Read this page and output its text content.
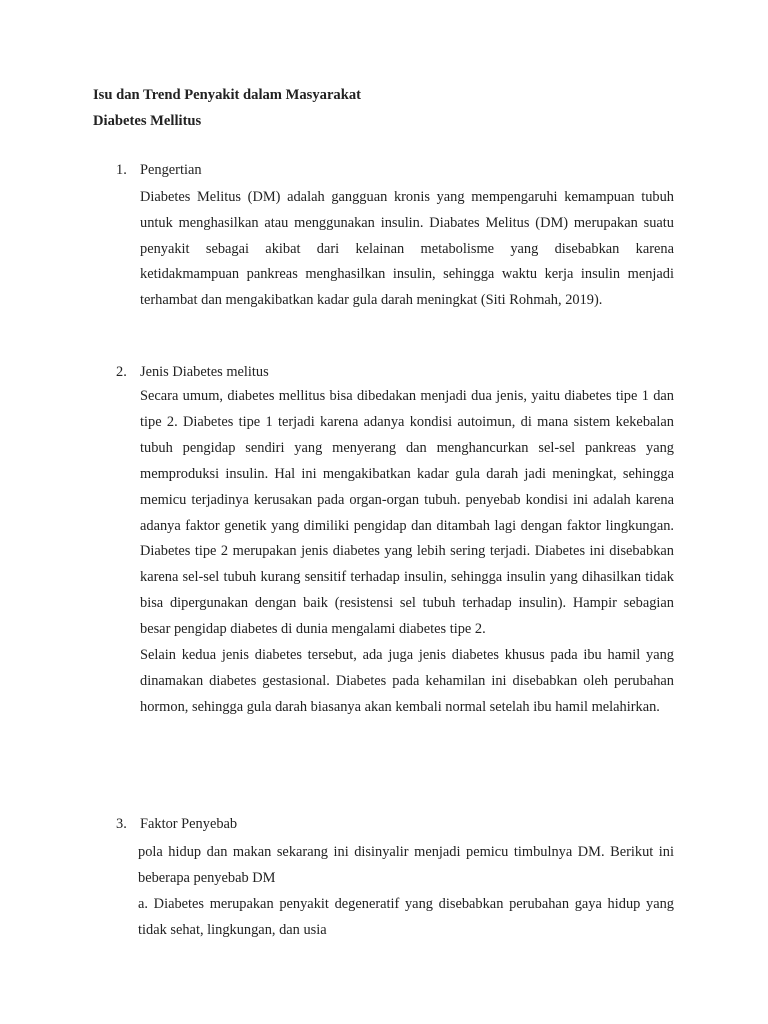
Isu dan Trend Penyakit dalam Masyarakat
Diabetes Mellitus
1. Pengertian

Diabetes Melitus (DM) adalah gangguan kronis yang mempengaruhi kemampuan tubuh untuk menghasilkan atau menggunakan insulin. Diabates Melitus (DM) merupakan suatu penyakit sebagai akibat dari kelainan metabolisme yang disebabkan karena ketidakmampuan pankreas menghasilkan insulin, sehingga waktu kerja insulin menjadi terhambat dan mengakibatkan kadar gula darah meningkat (Siti Rohmah, 2019).

2. Jenis Diabetes melitus

Secara umum, diabetes mellitus bisa dibedakan menjadi dua jenis, yaitu diabetes tipe 1 dan tipe 2. Diabetes tipe 1 terjadi karena adanya kondisi autoimun, di mana sistem kekebalan tubuh pengidap sendiri yang menyerang dan menghancurkan sel-sel pankreas yang memproduksi insulin. Hal ini mengakibatkan kadar gula darah jadi meningkat, sehingga memicu terjadinya kerusakan pada organ-organ tubuh. penyebab kondisi ini adalah karena adanya faktor genetik yang dimiliki pengidap dan ditambah lagi dengan faktor lingkungan. Diabetes tipe 2 merupakan jenis diabetes yang lebih sering terjadi. Diabetes ini disebabkan karena sel-sel tubuh kurang sensitif terhadap insulin, sehingga insulin yang dihasilkan tidak bisa dipergunakan dengan baik (resistensi sel tubuh terhadap insulin). Hampir sebagian besar pengidap diabetes di dunia mengalami diabetes tipe 2.

Selain kedua jenis diabetes tersebut, ada juga jenis diabetes khusus pada ibu hamil yang dinamakan diabetes gestasional. Diabetes pada kehamilan ini disebabkan oleh perubahan hormon, sehingga gula darah biasanya akan kembali normal setelah ibu hamil melahirkan.

3. Faktor Penyebab

pola hidup dan makan sekarang ini disinyalir menjadi pemicu timbulnya DM. Berikut ini beberapa penyebab DM

a. Diabetes merupakan penyakit degeneratif yang disebabkan perubahan gaya hidup yang tidak sehat, lingkungan, dan usia
